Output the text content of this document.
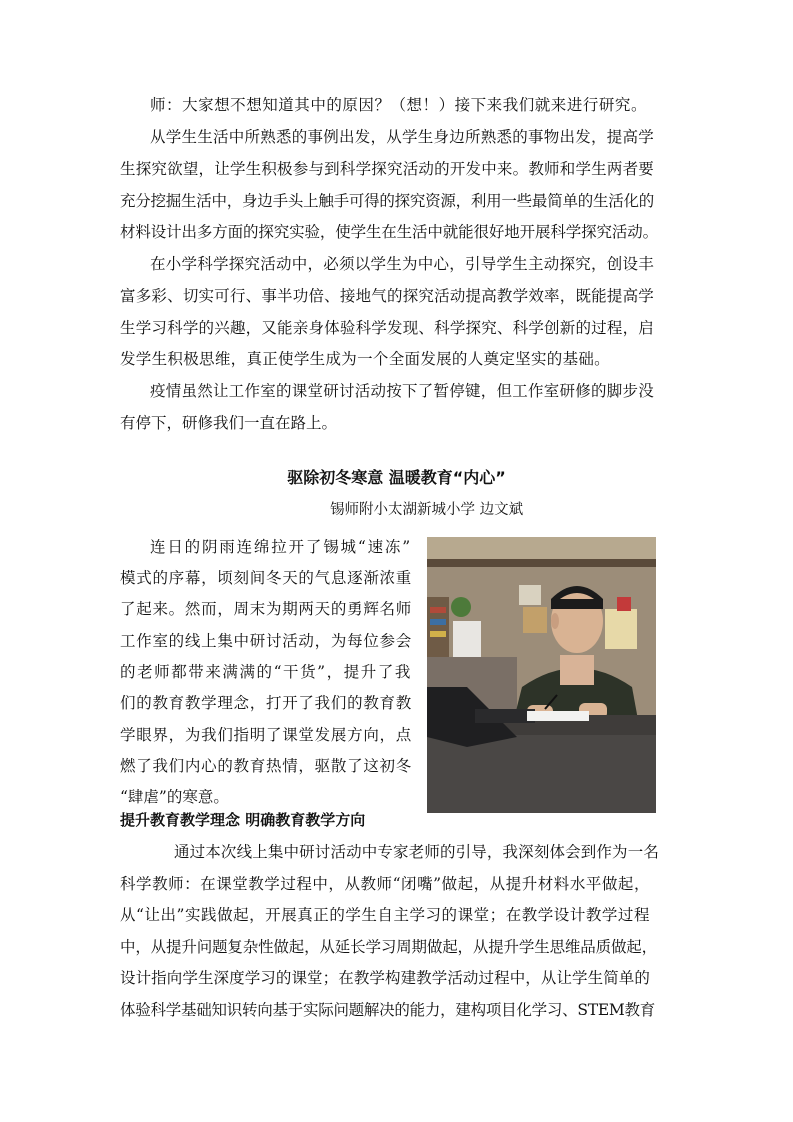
师：大家想不想知道其中的原因？（想！）接下来我们就来进行研究。
从学生生活中所熟悉的事例出发，从学生身边所熟悉的事物出发，提高学
生探究欲望，让学生积极参与到科学探究活动的开发中来。教师和学生两者要
充分挖掘生活中，身边手头上触手可得的探究资源，利用一些最简单的生活化的
材料设计出多方面的探究实验，使学生在生活中就能很好地开展科学探究活动。
在小学科学探究活动中，必须以学生为中心，引导学生主动探究，创设丰
富多彩、切实可行、事半功倍、接地气的探究活动提高教学效率，既能提高学
生学习科学的兴趣，又能亲身体验科学发现、科学探究、科学创新的过程，启
发学生积极思维，真正使学生成为一个全面发展的人奠定坚实的基础。
疫情虽然让工作室的课堂研讨活动按下了暂停键，但工作室研修的脚步没
有停下，研修我们一直在路上。
驱除初冬寒意 温暖教育“内心”
锡师附小太湖新城小学 边文斌
连日的阴雨连绵拉开了锡城“速冻”
模式的序幕，顷刻间冬天的气息逐渐浓重
了起来。然而，周末为期两天的勇辉名师
工作室的线上集中研讨活动，为每位参会
的老师都带来满满的“干货”，提升了我
们的教育教学理念，打开了我们的教育教
学眼界，为我们指明了课堂发展方向，点
燃了我们内心的教育热情，驱散了这初冬
“肆虐”的寒意。
提升教育教学理念 明确教育教学方向
通过本次线上集中研讨活动中专家老师的引导，我深刻体会到作为一名
科学教师：在课堂教学过程中，从教师“闭嘴”做起，从提升材料水平做起，
从“让出”实践做起，开展真正的学生自主学习的课堂；在教学设计教学过程
中，从提升问题复杂性做起，从延长学习周期做起，从提升学生思维品质做起，
设计指向学生深度学习的课堂；在教学构建教学活动过程中，从让学生简单的
体验科学基础知识转向基于实际问题解决的能力，建构项目化学习、STEM教育
